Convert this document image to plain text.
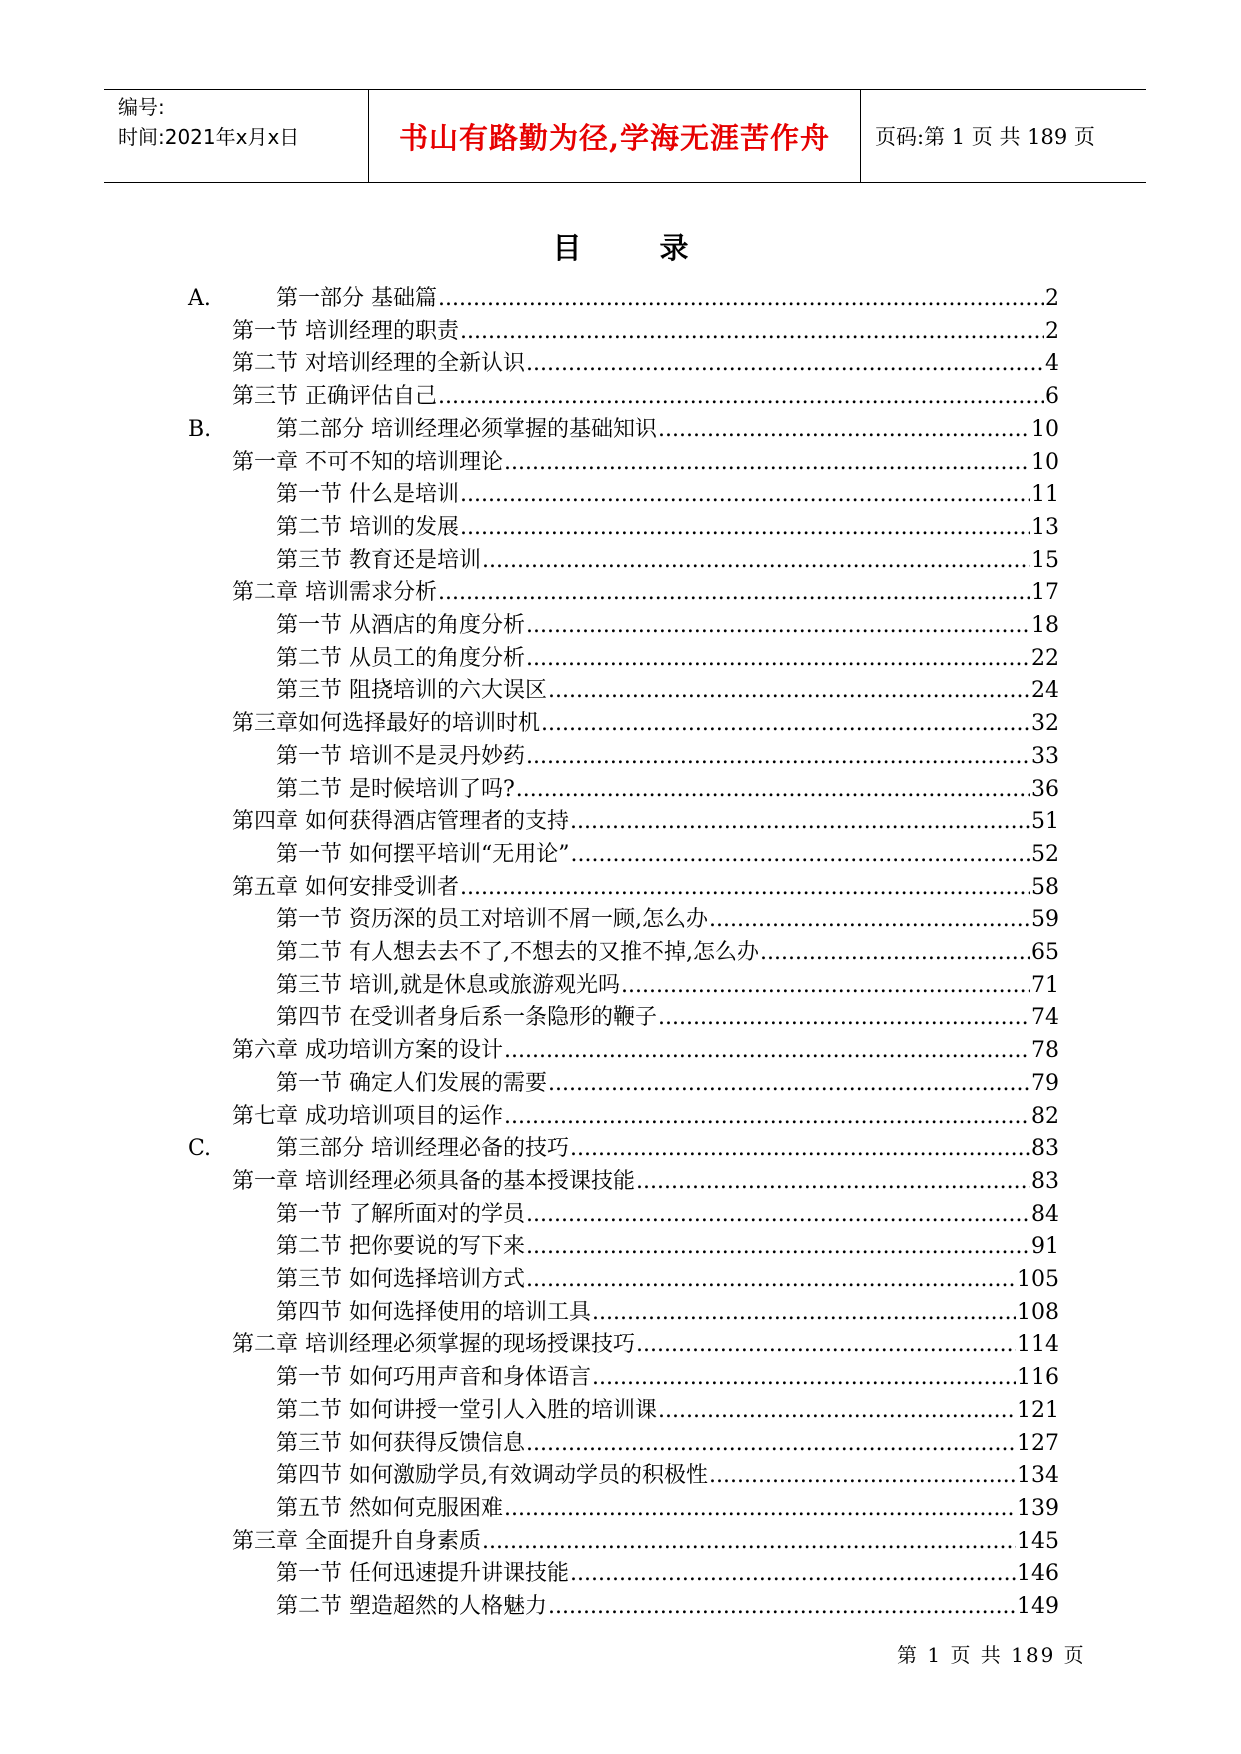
编号:
时间:2021年x月x日	书山有路勤为径,学海无涯苦作舟	页码:第 1 页 共 189 页
目 录
A.	第一部分 基础篇 .....	2
第一节 培训经理的职责 .....	2
第二节 对培训经理的全新认识 .....	4
第三节 正确评估自己 .....	6
B.	第二部分 培训经理必须掌握的基础知识 .....	10
第一章 不可不知的培训理论 .....	10
第一节 什么是培训 .....	11
第二节 培训的发展 .....	13
第三节 教育还是培训 .....	15
第二章 培训需求分析 .....	17
第一节 从酒店的角度分析 .....	18
第二节 从员工的角度分析 .....	22
第三节 阻挠培训的六大误区 .....	24
第三章如何选择最好的培训时机 .....	32
第一节 培训不是灵丹妙药 .....	33
第二节 是时候培训了吗? .....	36
第四章 如何获得酒店管理者的支持 .....	51
第一节 如何摆平培训“无用论” .....	52
第五章 如何安排受训者 .....	58
第一节 资历深的员工对培训不屑一顾,怎么办 .....	59
第二节 有人想去去不了,不想去的又推不掉,怎么办 .....	65
第三节 培训,就是休息或旅游观光吗 .....	71
第四节 在受训者身后系一条隐形的鞭子 .....	74
第六章 成功培训方案的设计 .....	78
第一节 确定人们发展的需要 .....	79
第七章 成功培训项目的运作 .....	82
C.	第三部分 培训经理必备的技巧 .....	83
第一章 培训经理必须具备的基本授课技能 .....	83
第一节 了解所面对的学员 .....	84
第二节 把你要说的写下来 .....	91
第三节 如何选择培训方式 .....	105
第四节 如何选择使用的培训工具 .....	108
第二章 培训经理必须掌握的现场授课技巧 .....	114
第一节 如何巧用声音和身体语言 .....	116
第二节 如何讲授一堂引人入胜的培训课 .....	121
第三节 如何获得反馈信息 .....	127
第四节 如何激励学员,有效调动学员的积极性 .....	134
第五节 然如何克服困难 .....	139
第三章 全面提升自身素质 .....	145
第一节 任何迅速提升讲课技能 .....	146
第二节 塑造超然的人格魅力 .....	149
第 1 页 共 189 页
